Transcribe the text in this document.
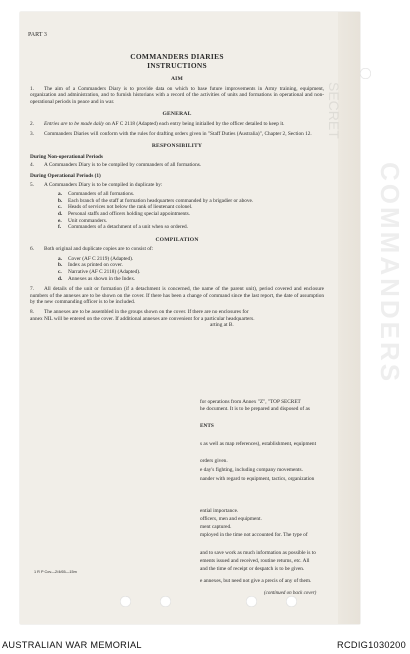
COMMANDERS
SECRET
PART 3
COMMANDERS DIARIES
INSTRUCTIONS
AIM

1. The aim of a Commanders Diary is to provide data on which to base future improvements in Army training, equipment, organization and administration, and to furnish historians with a record of the activities of units and formations in operational and non-operational periods in peace and in war.

GENERAL

2. Entries are to be made daily on AF C 2118 (Adapted) each entry being initialled by the officer detailed to keep it.

3. Commanders Diaries will conform with the rules for drafting orders given in "Staff Duties (Australia)", Chapter 2, Section 12.

RESPONSIBILITY
During Non-operational Periods

4. A Commanders Diary is to be compiled by commanders of all formations.

During Operational Periods (1)

5. A Commanders Diary is to be compiled in duplicate by:

a. Commanders of all formations.
b. Each branch of the staff at formation headquarters commanded by a brigadier or above.
c. Heads of services not below the rank of lieutenant colonel.
d. Personal staffs and officers holding special appointments.
e. Unit commanders.
f. Commanders of a detachment of a unit when so ordered.
COMPILATION

6. Both original and duplicate copies are to consist of:

a. Cover (AF C 2119) (Adapted).
b. Index as printed on cover.
c. Narrative (AF C 2118) (Adapted).
d. Annexes as shown in the Index.

7. All details of the unit or formation (if a detachment is concerned, the name of the parent unit), period covered and enclosure numbers of the annexes are to be shown on the cover. If there has been a change of command since the last report, the date of assumption by the new commanding officer is to be included.

8. The annexes are to be assembled in the groups shown on the cover. If there are no enclosures for

annex NIL will be entered on the cover. If additional annexes are convenient for a particular headquarters.

arting at B.

for operations from Annex "Z", "TOP SECRET
he document. It is to be prepared and disposed of as
ENTS
s as well as map references), establishment, equipment
orders given.
e day's fighting, including company movements.
nander with regard to equipment, tactics, organization
ential importance.
officers, men and equipment.
ment captured.
mployed in the time not accounted for. The type of
and to save work as much information as possible is to
ements issued and received, routine returns, etc. All
and the time of receipt or despatch is to be given.
e annexes, but need not give a precis of any of them.
1 R P Cov—2/4/65—15m
(continued on back cover)
AUSTRALIAN WAR MEMORIAL	RCDIG1030200
